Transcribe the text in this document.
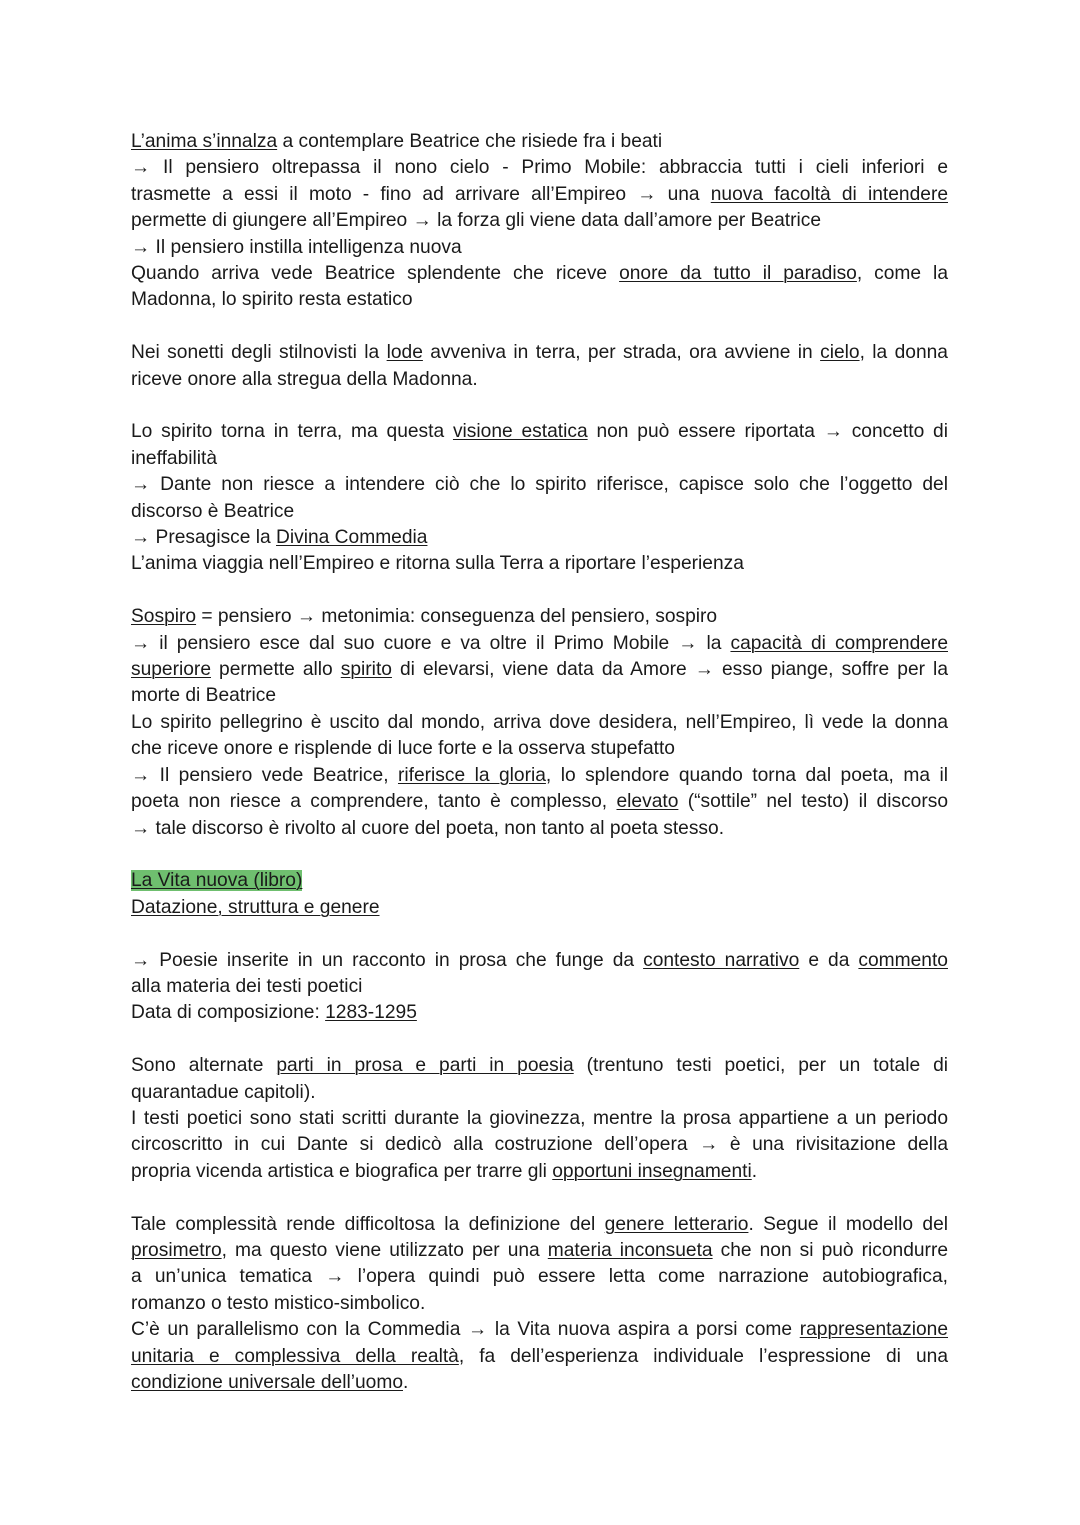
L’anima s’innalza a contemplare Beatrice che risiede fra i beati
→ Il pensiero oltrepassa il nono cielo - Primo Mobile: abbraccia tutti i cieli inferiori e
trasmette a essi il moto - fino ad arrivare all’Empireo → una nuova facoltà di intendere
permette di giungere all’Empireo → la forza gli viene data dall’amore per Beatrice
→ Il pensiero instilla intelligenza nuova
Quando arriva vede Beatrice splendente che riceve onore da tutto il paradiso, come la
Madonna, lo spirito resta estatico
Nei sonetti degli stilnovisti la lode avveniva in terra, per strada, ora avviene in cielo, la donna
riceve onore alla stregua della Madonna.
Lo spirito torna in terra, ma questa visione estatica non può essere riportata → concetto di
ineffabilità
→ Dante non riesce a intendere ciò che lo spirito riferisce, capisce solo che l’oggetto del
discorso è Beatrice
→ Presagisce la Divina Commedia
L’anima viaggia nell’Empireo e ritorna sulla Terra a riportare l’esperienza
Sospiro = pensiero → metonimia: conseguenza del pensiero, sospiro
→ il pensiero esce dal suo cuore e va oltre il Primo Mobile → la capacità di comprendere
superiore permette allo spirito di elevarsi, viene data da Amore → esso piange, soffre per la
morte di Beatrice
Lo spirito pellegrino è uscito dal mondo, arriva dove desidera, nell’Empireo, lì vede la donna
che riceve onore e risplende di luce forte e la osserva stupefatto
→ Il pensiero vede Beatrice, riferisce la gloria, lo splendore quando torna dal poeta, ma il
poeta non riesce a comprendere, tanto è complesso, elevato (“sottile” nel testo) il discorso
→ tale discorso è rivolto al cuore del poeta, non tanto al poeta stesso.
La Vita nuova (libro)
Datazione, struttura e genere
→ Poesie inserite in un racconto in prosa che funge da contesto narrativo e da commento
alla materia dei testi poetici
Data di composizione: 1283-1295
Sono alternate parti in prosa e parti in poesia (trentuno testi poetici, per un totale di
quarantadue capitoli).
I testi poetici sono stati scritti durante la giovinezza, mentre la prosa appartiene a un periodo
circoscritto in cui Dante si dedicò alla costruzione dell’opera → è una rivisitazione della
propria vicenda artistica e biografica per trarre gli opportuni insegnamenti.
Tale complessità rende difficoltosa la definizione del genere letterario. Segue il modello del
prosimetro, ma questo viene utilizzato per una materia inconsueta che non si può ricondurre
a un’unica tematica → l’opera quindi può essere letta come narrazione autobiografica,
romanzo o testo mistico-simbolico.
C’è un parallelismo con la Commedia → la Vita nuova aspira a porsi come rappresentazione
unitaria e complessiva della realtà, fa dell’esperienza individuale l’espressione di una
condizione universale dell’uomo.
